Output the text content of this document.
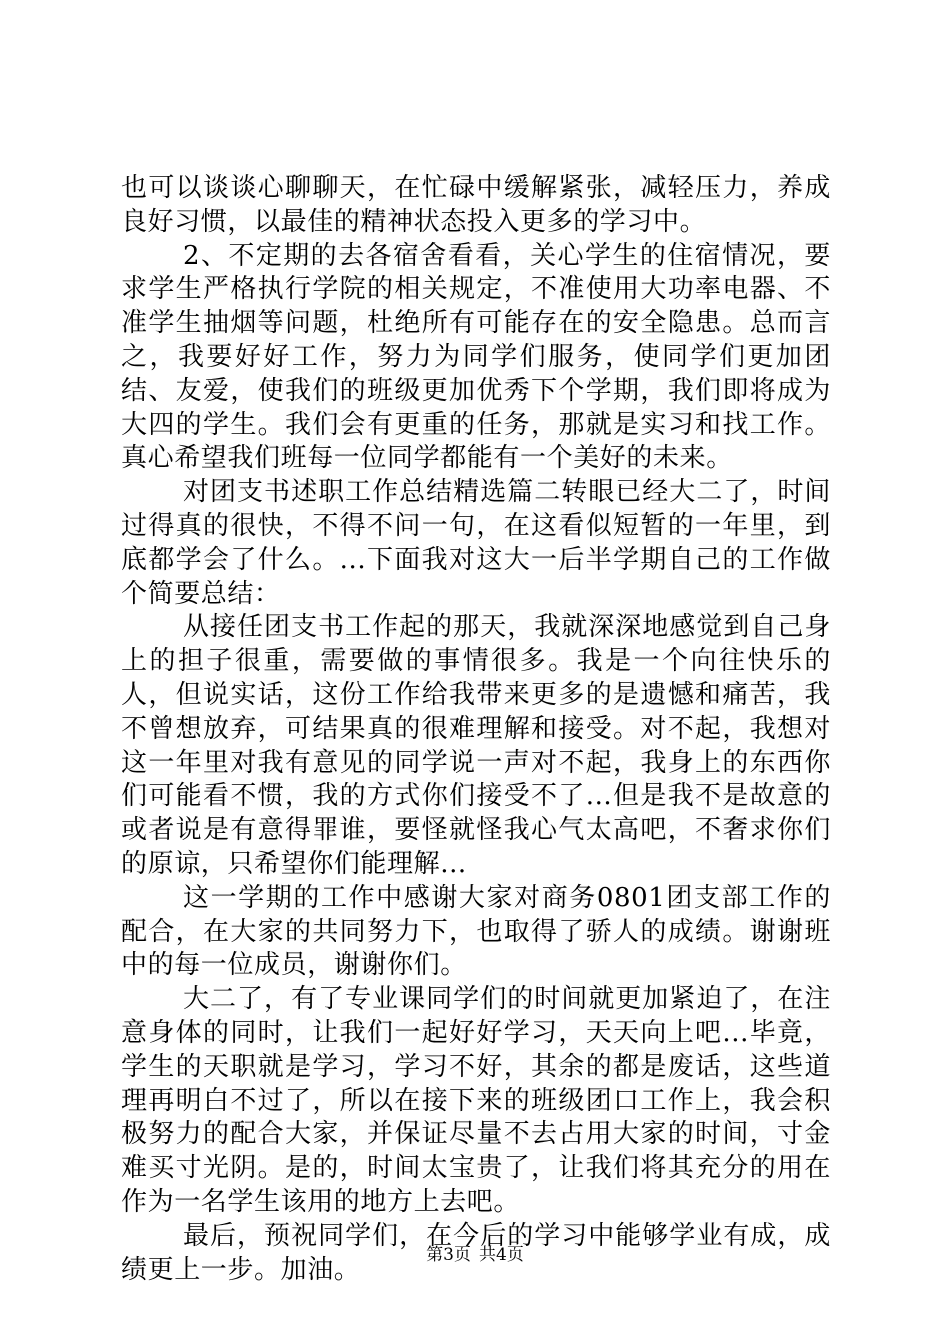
也可以谈谈心聊聊天，在忙碌中缓解紧张，减轻压力，养成良好习惯，以最佳的精神状态投入更多的学习中。

2、不定期的去各宿舍看看，关心学生的住宿情况，要求学生严格执行学院的相关规定，不准使用大功率电器、不准学生抽烟等问题，杜绝所有可能存在的安全隐患。总而言之，我要好好工作，努力为同学们服务，使同学们更加团结、友爱，使我们的班级更加优秀下个学期，我们即将成为大四的学生。我们会有更重的任务，那就是实习和找工作。真心希望我们班每一位同学都能有一个美好的未来。

对团支书述职工作总结精选篇二转眼已经大二了，时间过得真的很快，不得不问一句，在这看似短暂的一年里，到底都学会了什么。...下面我对这大一后半学期自己的工作做个简要总结：

从接任团支书工作起的那天，我就深深地感觉到自己身上的担子很重，需要做的事情很多。我是一个向往快乐的人，但说实话，这份工作给我带来更多的是遗憾和痛苦，我不曾想放弃，可结果真的很难理解和接受。对不起，我想对这一年里对我有意见的同学说一声对不起，我身上的东西你们可能看不惯，我的方式你们接受不了...但是我不是故意的或者说是有意得罪谁，要怪就怪我心气太高吧，不奢求你们的原谅，只希望你们能理解...

这一学期的工作中感谢大家对商务0801团支部工作的配合，在大家的共同努力下，也取得了骄人的成绩。谢谢班中的每一位成员，谢谢你们。

大二了，有了专业课同学们的时间就更加紧迫了，在注意身体的同时，让我们一起好好学习，天天向上吧...毕竟，学生的天职就是学习，学习不好，其余的都是废话，这些道理再明白不过了，所以在接下来的班级团口工作上，我会积极努力的配合大家，并保证尽量不去占用大家的时间，寸金难买寸光阴。是的，时间太宝贵了，让我们将其充分的用在作为一名学生该用的地方上去吧。

最后，预祝同学们，在今后的学习中能够学业有成，成绩更上一步。加油。	第3页 共4页
